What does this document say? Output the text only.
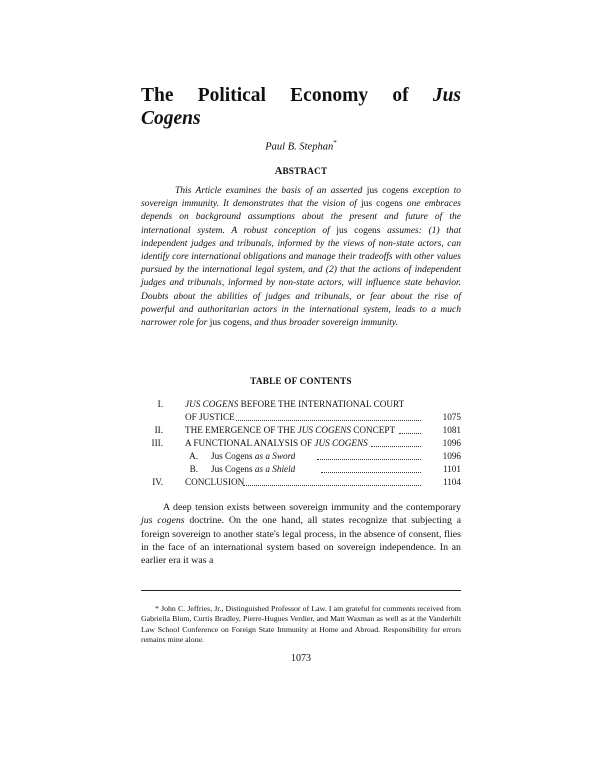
The Political Economy of Jus
Cogens
Paul B. Stephan*
ABSTRACT
This Article examines the basis of an asserted jus cogens exception to sovereign immunity. It demonstrates that the vision of jus cogens one embraces depends on background assumptions about the present and future of the international system. A robust conception of jus cogens assumes: (1) that independent judges and tribunals, informed by the views of non-state actors, can identify core international obligations and manage their tradeoffs with other values pursued by the international legal system, and (2) that the actions of independent judges and tribunals, informed by non-state actors, will influence state behavior. Doubts about the abilities of judges and tribunals, or fear about the rise of powerful and authoritarian actors in the international system, leads to a much narrower role for jus cogens, and thus broader sovereign immunity.
TABLE OF CONTENTS
I. JUS COGENS BEFORE THE INTERNATIONAL COURT
OF JUSTICE	1075
II. THE EMERGENCE OF THE JUS COGENS CONCEPT	1081
III. A FUNCTIONAL ANALYSIS OF JUS COGENS	1096
A. Jus Cogens as a Sword	1096
B. Jus Cogens as a Shield	1101
IV. CONCLUSION	1104
A deep tension exists between sovereign immunity and the contemporary jus cogens doctrine. On the one hand, all states recognize that subjecting a foreign sovereign to another state's legal process, in the absence of consent, flies in the face of an international system based on sovereign independence. In an earlier era it was a
* John C. Jeffries, Jr., Distinguished Professor of Law. I am grateful for comments received from Gabriella Blum, Curtis Bradley, Pierre-Hugues Verdier, and Matt Waxman as well as at the Vanderbilt Law School Conference on Foreign State Immunity at Home and Abroad. Responsibility for errors remains mine alone.
1073
